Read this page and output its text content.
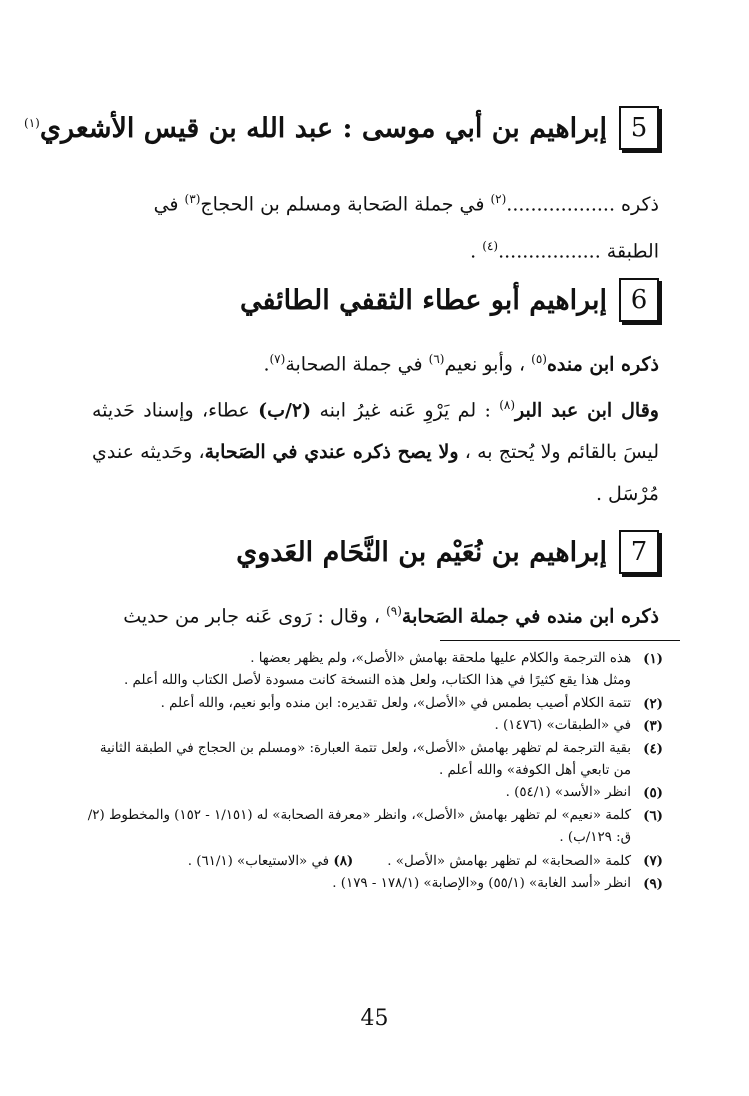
5
إبراهيم بن أبي موسى : عبد الله بن قيس الأشعري$^{(١)}$
ذكره ..................$^{(٢)}$ في جملة الصَحابة ومسلم بن الحجاج$^{(٣)}$ في
الطبقة .................$^{(٤)}$ .
6
إبراهيم أبو عطاء الثقفي الطائفي
ذكره ابن منده$^{(٥)}$ ، وأبو نعيم$^{(٦)}$ في جملة الصحابة$^{(٧)}$.
وقال ابن عبد البر$^{(٨)}$ : لم يَرْوِ عَنه غيرُ ابنه (٢/ب) عطاء، وإسناد حَديثه ليسَ بالقائم ولا يُحتج به ، ولا يصح ذكره عندي في الصَحابة، وحَديثه عندي مُرْسَل .
7
إبراهيم بن نُعَيْم بن النَّحَام العَدوي
ذكره ابن منده في جملة الصَحابة$^{(٩)}$ ، وقال : رَوى عَنه جابر من حديث
(١)
هذه الترجمة والكلام عليها ملحقة بهامش «الأصل»، ولم يظهر بعضها .
ومثل هذا يقع كثيرًا في هذا الكتاب، ولعل هذه النسخة كانت مسودة لأصل الكتاب والله أعلم .
(٢)
تتمة الكلام أصيب بطمس في «الأصل»، ولعل تقديره: ابن منده وأبو نعيم، والله أعلم .
(٣)
في «الطبقات» (١٤٧٦) .
(٤)
بقية الترجمة لم تظهر بهامش «الأصل»، ولعل تتمة العبارة: «ومسلم بن الحجاج في الطبقة الثانية من تابعي أهل الكوفة» والله أعلم .
(٥)
انظر «الأسد» (٥٤/١) .
(٦)
كلمة «نعيم» لم تظهر بهامش «الأصل»، وانظر «معرفة الصحابة» له (١/١٥١ - ١٥٢) والمخطوط (٢/ق: ١٢٩/ب) .
(٧)
كلمة «الصحابة» لم تظهر بهامش «الأصل» .        (٨) في «الاستيعاب» (٦١/١) .
(٩)
انظر «أسد الغابة» (٥٥/١) و«الإصابة» (١٧٨/١ - ١٧٩) .
45
